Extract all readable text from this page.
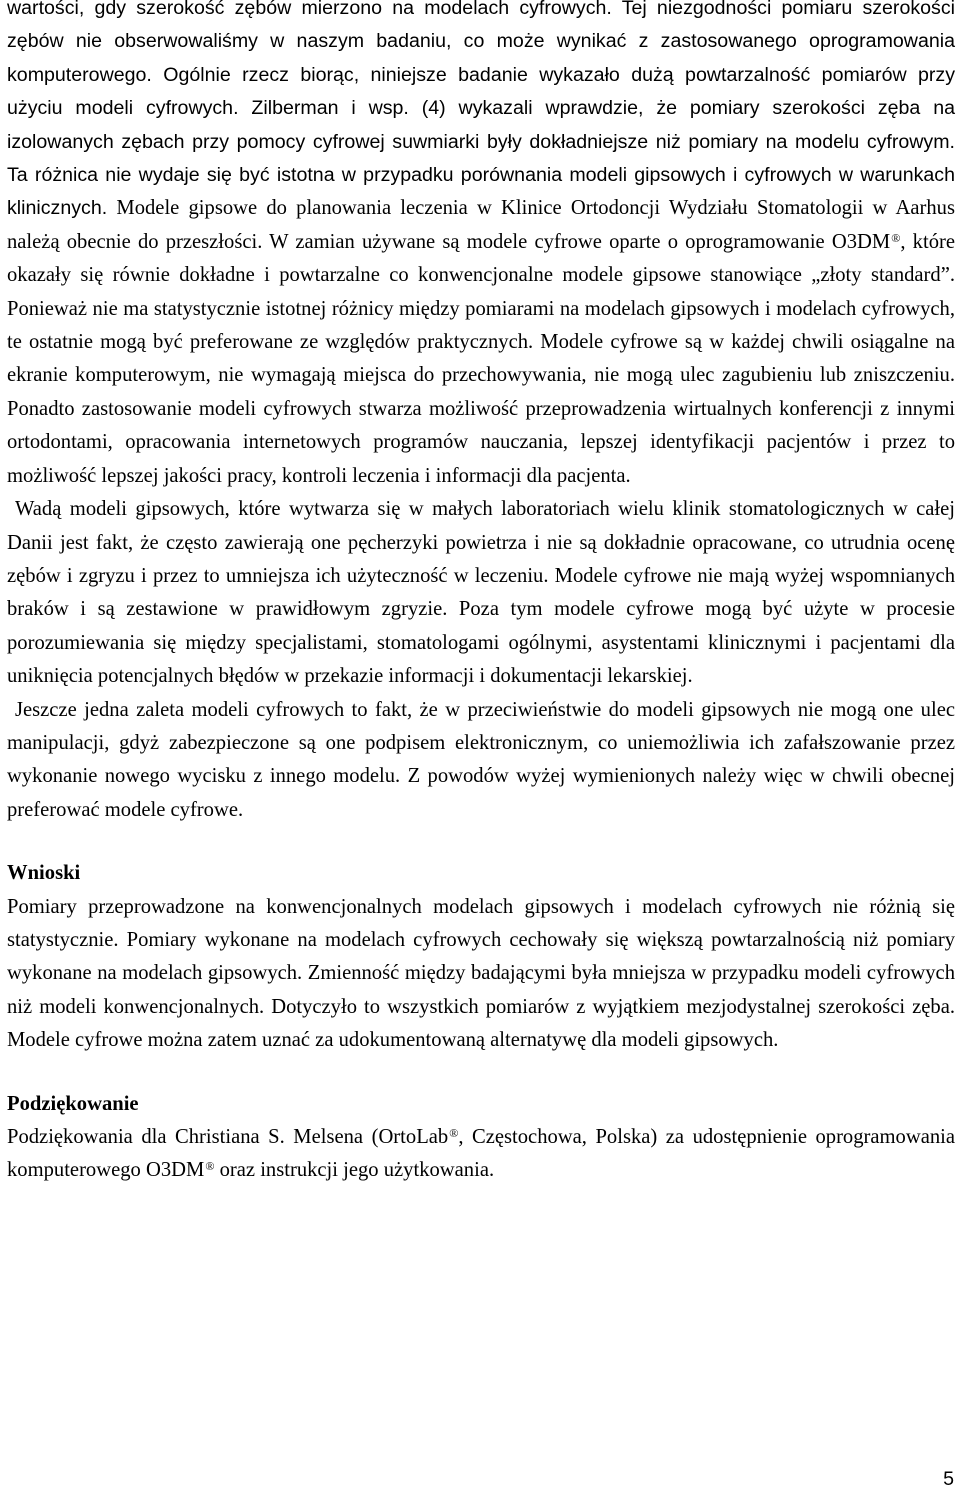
wartości, gdy szerokość zębów mierzono na modelach cyfrowych. Tej niezgodności pomiaru szerokości zębów nie obserwowaliśmy w naszym badaniu, co może wynikać z zastosowanego oprogramowania komputerowego. Ogólnie rzecz biorąc, niniejsze badanie wykazało dużą powtarzalność pomiarów przy użyciu modeli cyfrowych. Zilberman i wsp. (4) wykazali wprawdzie, że pomiary szerokości zęba na izolowanych zębach przy pomocy cyfrowej suwmiarki były dokładniejsze niż pomiary na modelu cyfrowym. Ta różnica nie wydaje się być istotna w przypadku porównania modeli gipsowych i cyfrowych w warunkach klinicznych. Modele gipsowe do planowania leczenia w Klinice Ortodoncji Wydziału Stomatologii w Aarhus należą obecnie do przeszłości. W zamian używane są modele cyfrowe oparte o oprogramowanie O3DM®, które okazały się równie dokładne i powtarzalne co konwencjonalne modele gipsowe stanowiące „złoty standard”. Ponieważ nie ma statystycznie istotnej różnicy między pomiarami na modelach gipsowych i modelach cyfrowych, te ostatnie mogą być preferowane ze względów praktycznych. Modele cyfrowe są w każdej chwili osiągalne na ekranie komputerowym, nie wymagają miejsca do przechowywania, nie mogą ulec zagubieniu lub zniszczeniu. Ponadto zastosowanie modeli cyfrowych stwarza możliwość przeprowadzenia wirtualnych konferencji z innymi ortodontami, opracowania internetowych programów nauczania, lepszej identyfikacji pacjentów i przez to możliwość lepszej jakości pracy, kontroli leczenia i informacji dla pacjenta.

Wadą modeli gipsowych, które wytwarza się w małych laboratoriach wielu klinik stomatologicznych w całej Danii jest fakt, że często zawierają one pęcherzyki powietrza i nie są dokładnie opracowane, co utrudnia ocenę zębów i zgryzu i przez to umniejsza ich użyteczność w leczeniu. Modele cyfrowe nie mają wyżej wspomnianych braków i są zestawione w prawidłowym zgryzie. Poza tym modele cyfrowe mogą być użyte w procesie porozumiewania się między specjalistami, stomatologami ogólnymi, asystentami klinicznymi i pacjentami dla uniknięcia potencjalnych błędów w przekazie informacji i dokumentacji lekarskiej.

Jeszcze jedna zaleta modeli cyfrowych to fakt, że w przeciwieństwie do modeli gipsowych nie mogą one ulec manipulacji, gdyż zabezpieczone są one podpisem elektronicznym, co uniemożliwia ich zafałszowanie przez wykonanie nowego wycisku z innego modelu. Z powodów wyżej wymienionych należy więc w chwili obecnej preferować modele cyfrowe.

Wnioski

Pomiary przeprowadzone na konwencjonalnych modelach gipsowych i modelach cyfrowych nie różnią się statystycznie. Pomiary wykonane na modelach cyfrowych cechowały się większą powtarzalnością niż pomiary wykonane na modelach gipsowych. Zmienność między badającymi była mniejsza w przypadku modeli cyfrowych niż modeli konwencjonalnych. Dotyczyło to wszystkich pomiarów z wyjątkiem mezjodystalnej szerokości zęba. Modele cyfrowe można zatem uznać za udokumentowaną alternatywę dla modeli gipsowych.

Podziękowanie

Podziękowania dla Christiana S. Melsena (OrtoLab®, Częstochowa, Polska) za udostępnienie oprogramowania komputerowego O3DM® oraz instrukcji jego użytkowania.

5
